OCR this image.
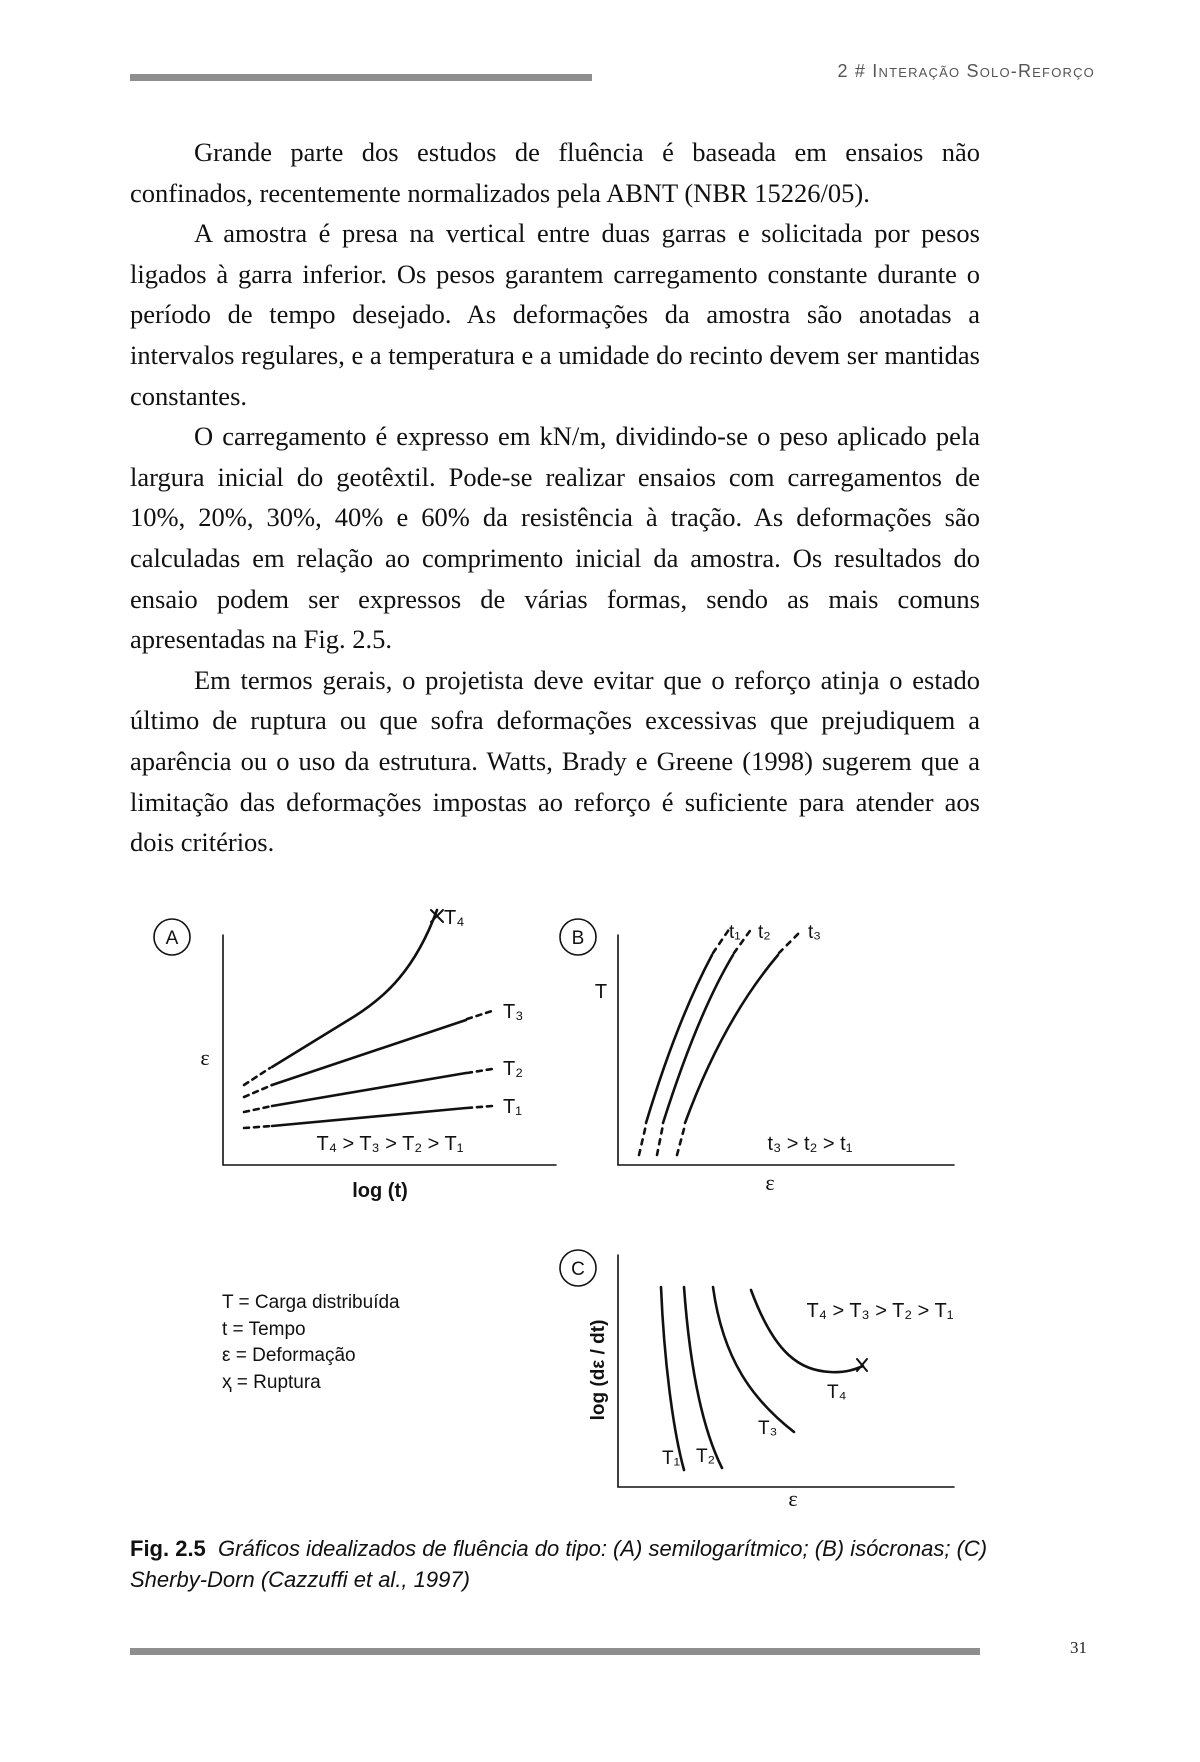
2 # Interação Solo-Reforço

Grande parte dos estudos de fluência é baseada em ensaios não confinados, recentemente normalizados pela ABNT (NBR 15226/05).

A amostra é presa na vertical entre duas garras e solicitada por pesos ligados à garra inferior. Os pesos garantem carregamento constante durante o período de tempo desejado. As deformações da amostra são anotadas a intervalos regulares, e a temperatura e a umidade do recinto devem ser mantidas constantes.

O carregamento é expresso em kN/m, dividindo-se o peso aplicado pela largura inicial do geotêxtil. Pode-se realizar ensaios com carregamentos de 10%, 20%, 30%, 40% e 60% da resistência à tração. As deformações são calculadas em relação ao comprimento inicial da amostra. Os resultados do ensaio podem ser expressos de várias formas, sendo as mais comuns apresentadas na Fig. 2.5.

Em termos gerais, o projetista deve evitar que o reforço atinja o estado último de ruptura ou que sofra deformações excessivas que prejudiquem a aparência ou o uso da estrutura. Watts, Brady e Greene (1998) sugerem que a limitação das deformações impostas ao reforço é suficiente para atender aos dois critérios.

A
ε
log (t)
T₄ > T₃ > T₂ > T₁
T₄
T₃
T₂
T₁
B
T
ε
t₃ > t₂ > t₁
t₁ t₂ t₃
C
log (dε / dt)
ε
T₄ > T₃ > T₂ > T₁
T₁ T₂
T₃
T₄
T = Carga distribuída
t = Tempo
ε = Deformação
ҳ = Ruptura
Fig. 2.5 Gráficos idealizados de fluência do tipo: (A) semilogarítmico; (B) isócronas; (C) Sherby-Dorn (Cazzuffi et al., 1997)
31
